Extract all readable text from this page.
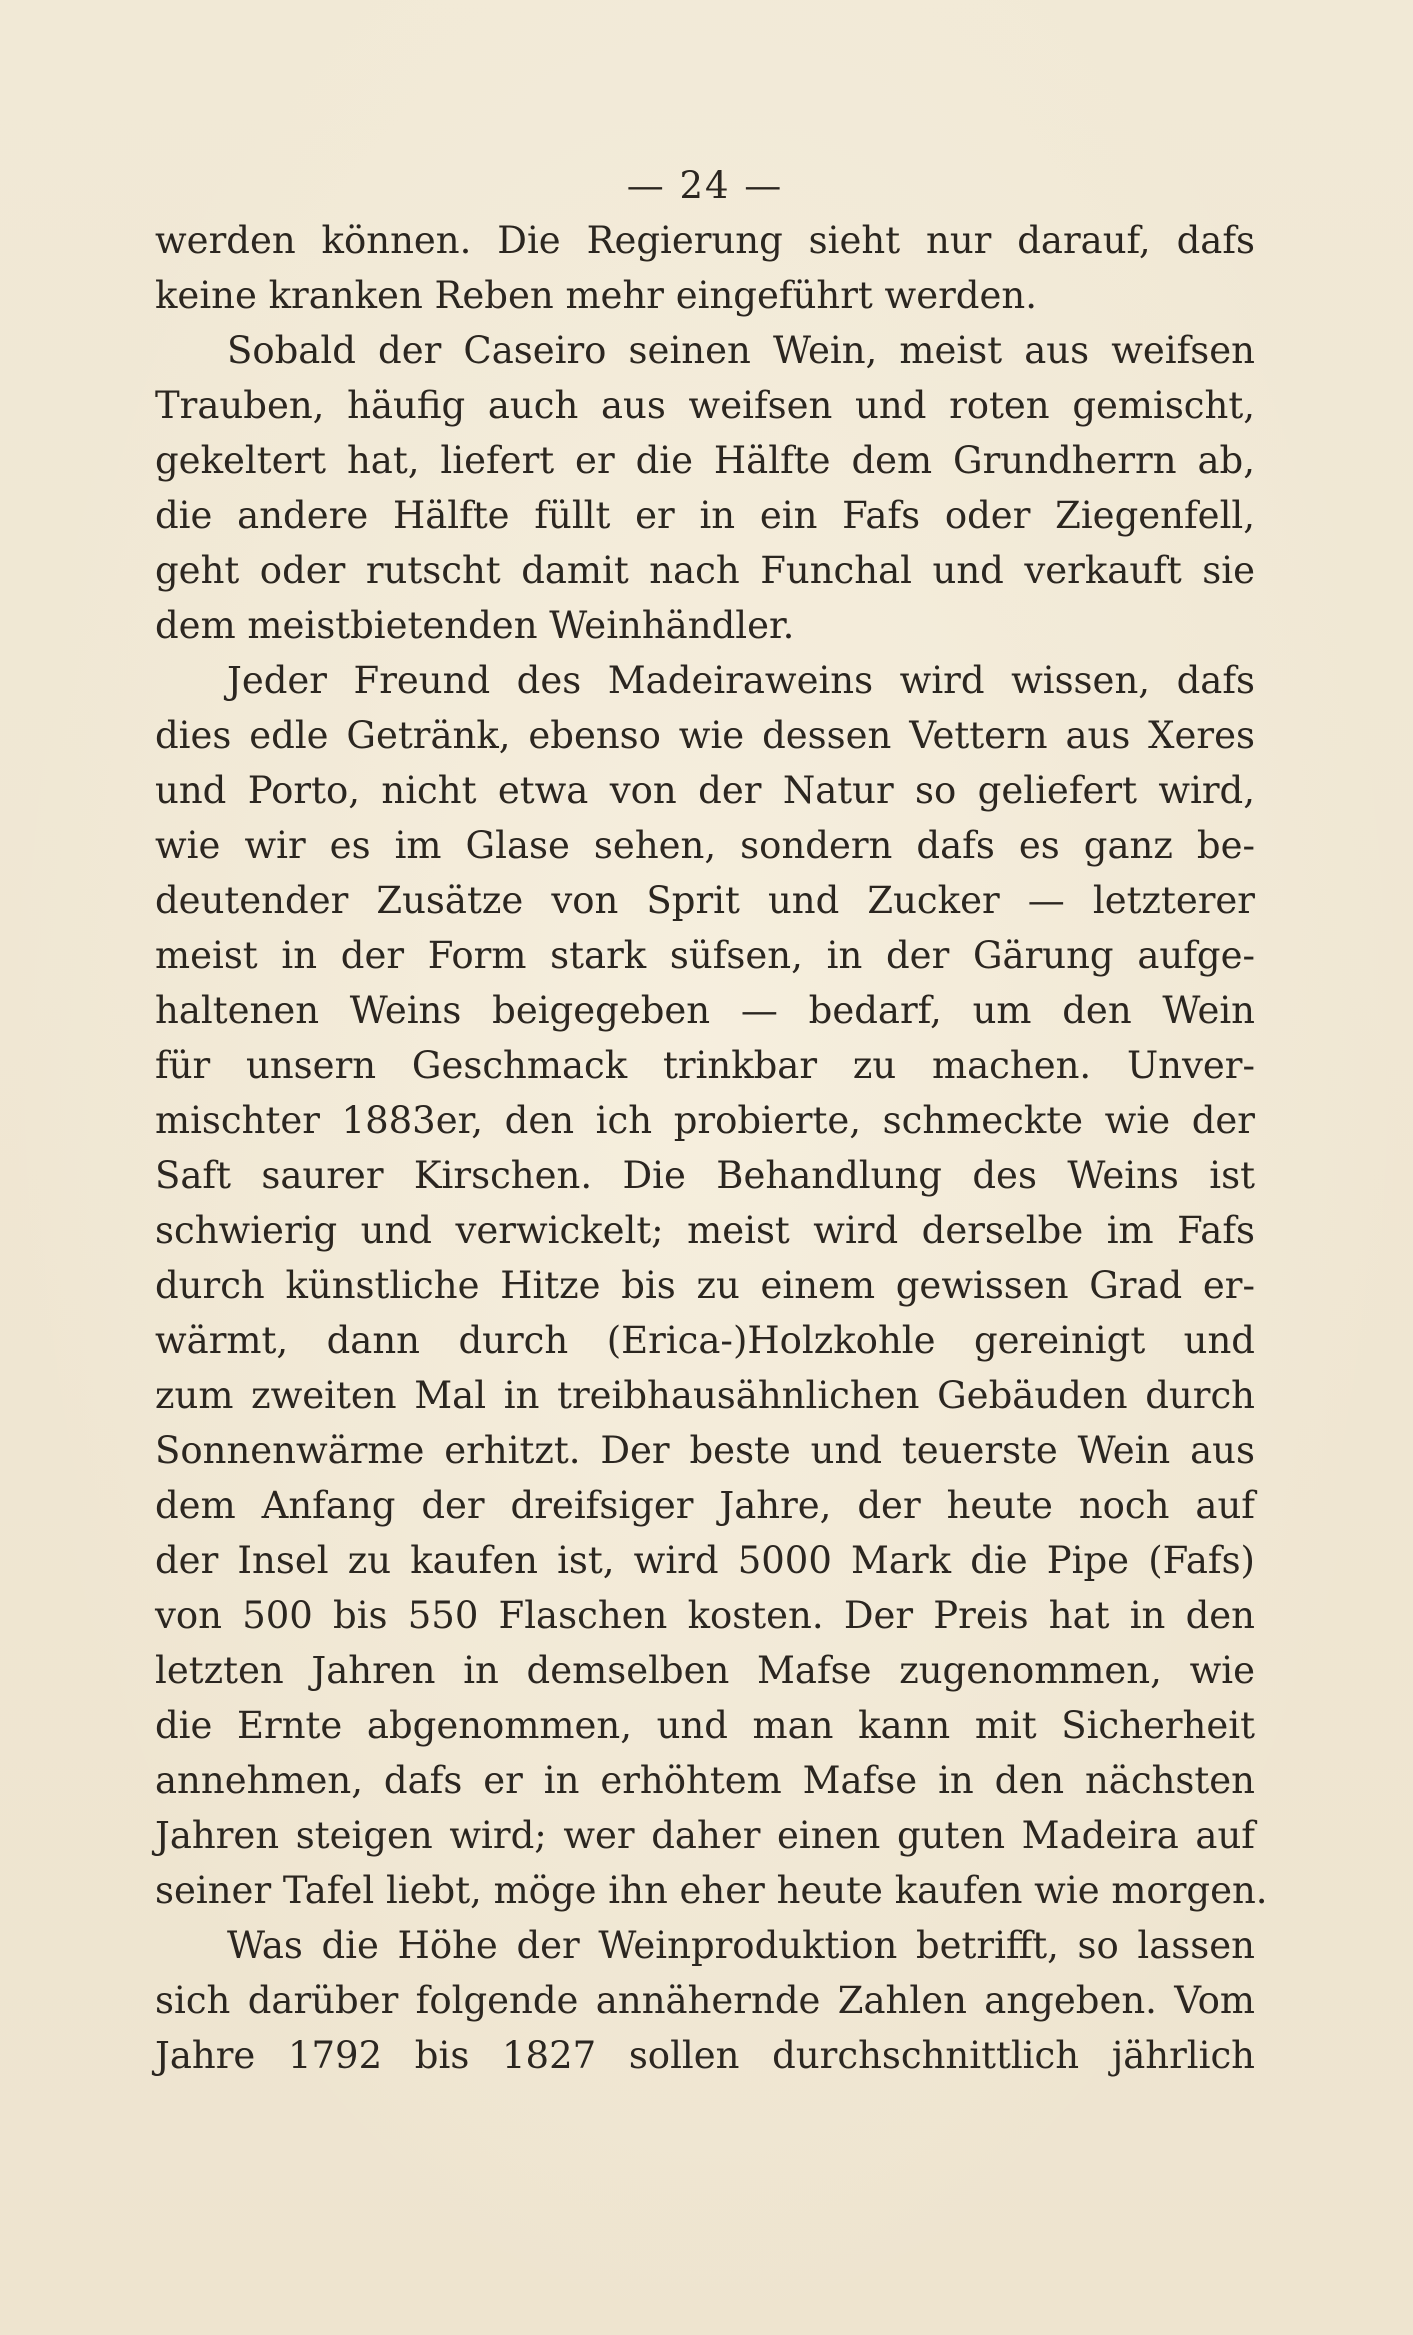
— 24 —
werden können. Die Regierung sieht nur darauf, dafs
keine kranken Reben mehr eingeführt werden.
Sobald der Caseiro seinen Wein, meist aus weifsen
Trauben, häufig auch aus weifsen und roten gemischt,
gekeltert hat, liefert er die Hälfte dem Grundherrn ab,
die andere Hälfte füllt er in ein Fafs oder Ziegenfell,
geht oder rutscht damit nach Funchal und verkauft sie
dem meistbietenden Weinhändler.
Jeder Freund des Madeiraweins wird wissen, dafs
dies edle Getränk, ebenso wie dessen Vettern aus Xeres
und Porto, nicht etwa von der Natur so geliefert wird,
wie wir es im Glase sehen, sondern dafs es ganz be-
deutender Zusätze von Sprit und Zucker — letzterer
meist in der Form stark süfsen, in der Gärung aufge-
haltenen Weins beigegeben — bedarf, um den Wein
für unsern Geschmack trinkbar zu machen. Unver-
mischter 1883er, den ich probierte, schmeckte wie der
Saft saurer Kirschen. Die Behandlung des Weins ist
schwierig und verwickelt; meist wird derselbe im Fafs
durch künstliche Hitze bis zu einem gewissen Grad er-
wärmt, dann durch (Erica-)Holzkohle gereinigt und
zum zweiten Mal in treibhausähnlichen Gebäuden durch
Sonnenwärme erhitzt. Der beste und teuerste Wein aus
dem Anfang der dreifsiger Jahre, der heute noch auf
der Insel zu kaufen ist, wird 5000 Mark die Pipe (Fafs)
von 500 bis 550 Flaschen kosten. Der Preis hat in den
letzten Jahren in demselben Mafse zugenommen, wie
die Ernte abgenommen, und man kann mit Sicherheit
annehmen, dafs er in erhöhtem Mafse in den nächsten
Jahren steigen wird; wer daher einen guten Madeira auf
seiner Tafel liebt, möge ihn eher heute kaufen wie morgen.
Was die Höhe der Weinproduktion betrifft, so lassen
sich darüber folgende annähernde Zahlen angeben. Vom
Jahre 1792 bis 1827 sollen durchschnittlich jährlich
